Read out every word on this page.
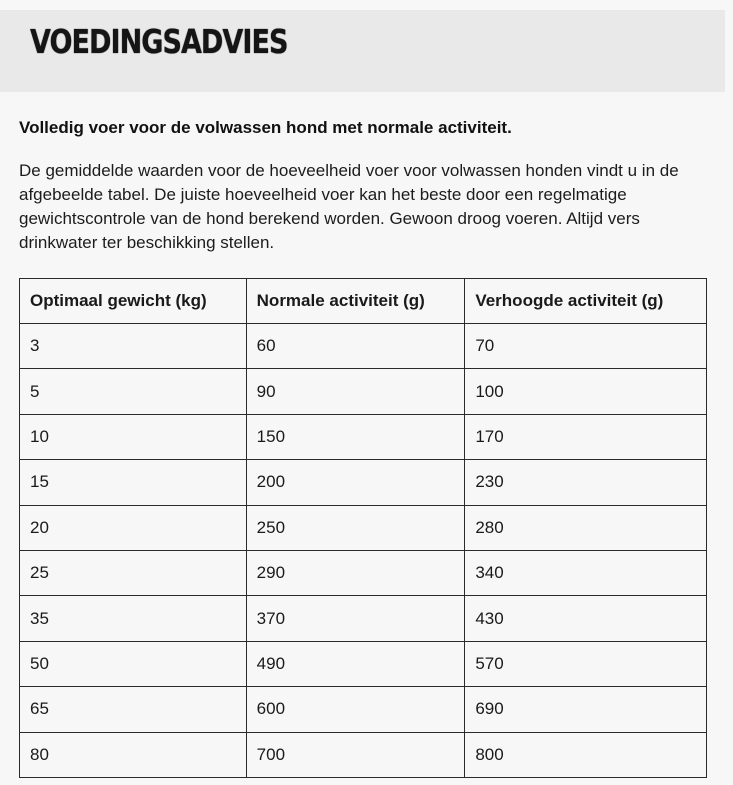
VOEDINGSADVIES

Volledig voer voor de volwassen hond met normale activiteit.

De gemiddelde waarden voor de hoeveelheid voer voor volwassen honden vindt u in de afgebeelde tabel. De juiste hoeveelheid voer kan het beste door een regelmatige gewichtscontrole van de hond berekend worden. Gewoon droog voeren. Altijd vers drinkwater ter beschikking stellen.

Optimaal gewicht (kg)	Normale activiteit (g)	Verhoogde activiteit (g)
3	60	70
5	90	100
10	150	170
15	200	230
20	250	280
25	290	340
35	370	430
50	490	570
65	600	690
80	700	800
